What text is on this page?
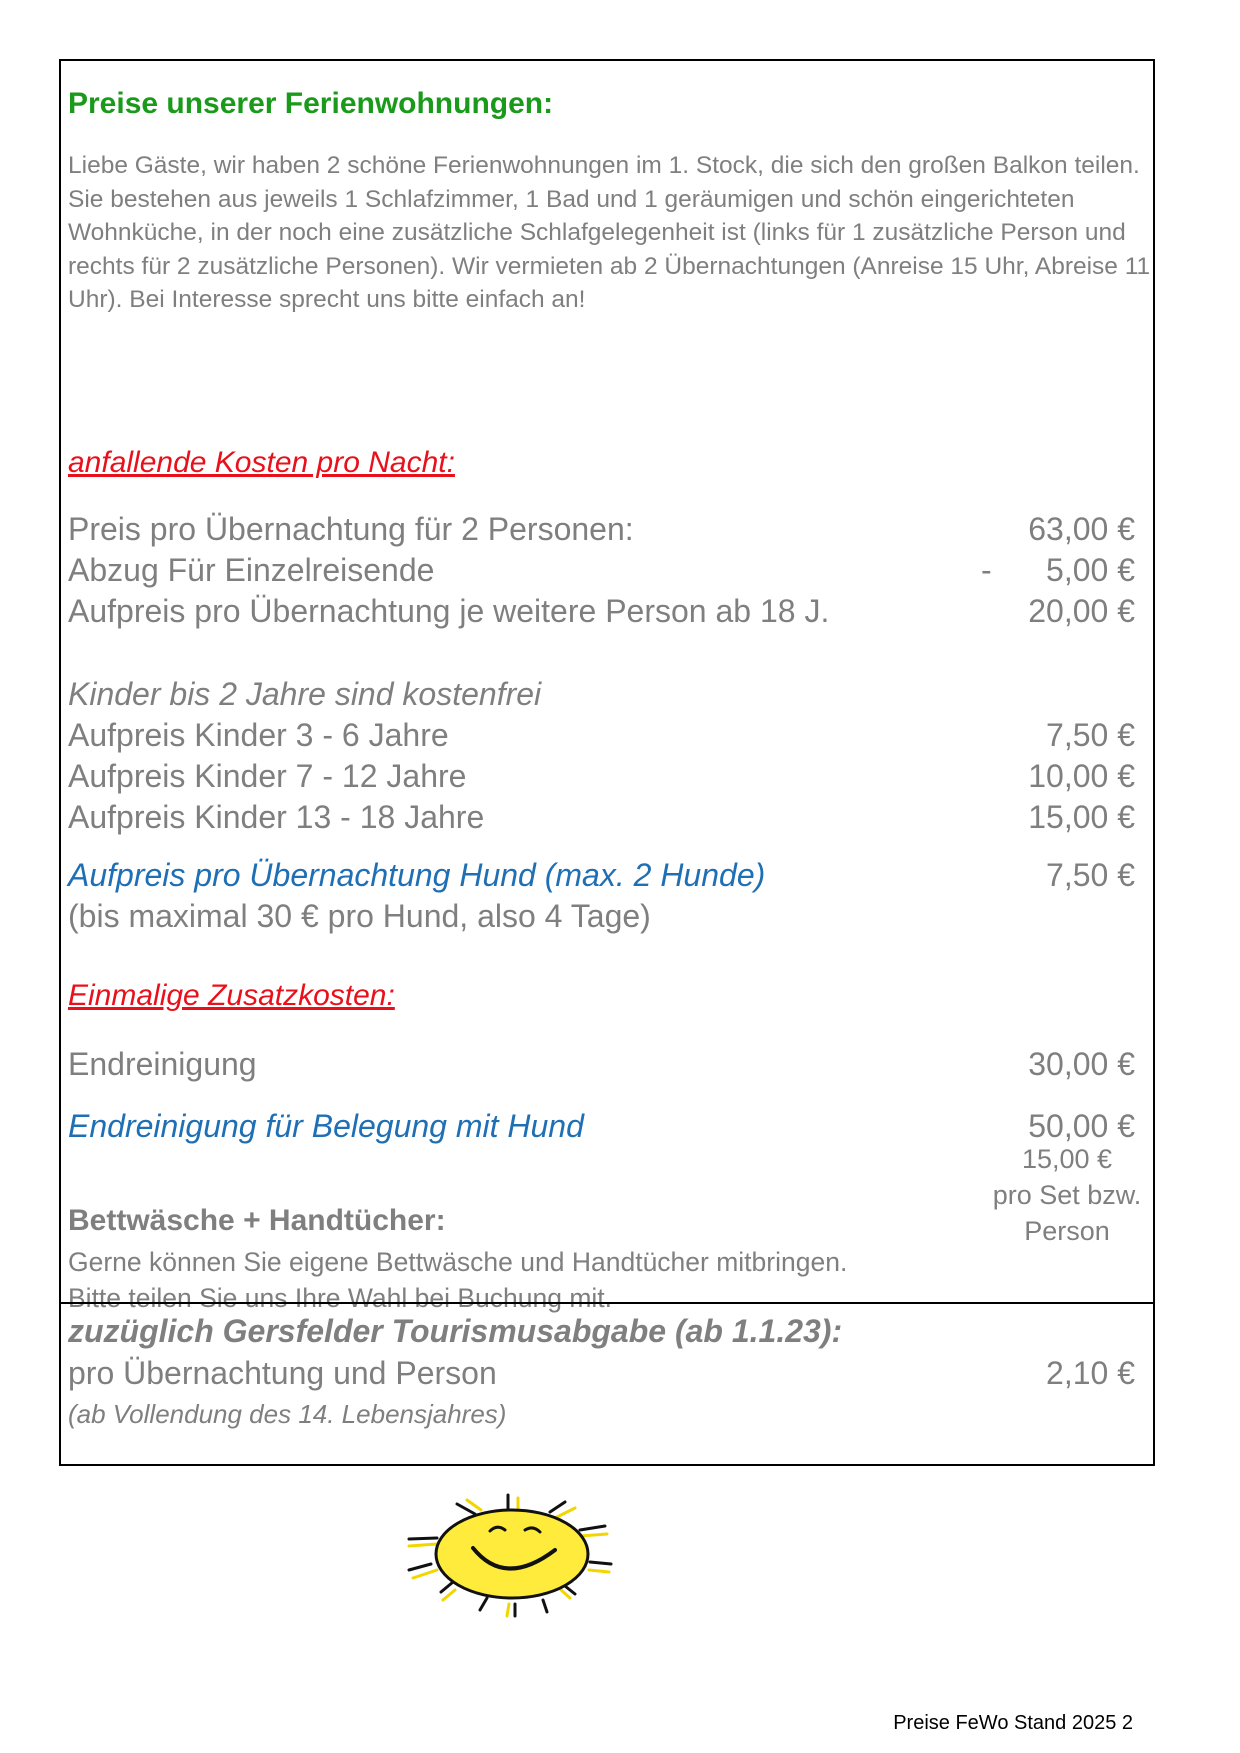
Preise unserer Ferienwohnungen:
Liebe Gäste, wir haben 2 schöne Ferienwohnungen im 1. Stock, die sich den großen Balkon teilen. Sie bestehen aus jeweils 1 Schlafzimmer, 1 Bad und 1 geräumigen und schön eingerichteten Wohnküche, in der noch eine zusätzliche Schlafgelegenheit ist (links für 1 zusätzliche Person und rechts für 2 zusätzliche Personen). Wir vermieten ab 2 Übernachtungen (Anreise 15 Uhr, Abreise 11 Uhr). Bei Interesse sprecht uns bitte einfach an!
anfallende Kosten pro Nacht:
Preis pro Übernachtung für 2 Personen:	63,00 €
Abzug Für Einzelreisende	- 5,00 €
Aufpreis pro Übernachtung je weitere Person ab 18 J.	20,00 €
Kinder bis 2 Jahre sind kostenfrei
Aufpreis Kinder 3 - 6 Jahre	7,50 €
Aufpreis Kinder 7 - 12 Jahre	10,00 €
Aufpreis Kinder 13 - 18 Jahre	15,00 €
Aufpreis pro Übernachtung Hund (max. 2 Hunde)	7,50 €
(bis maximal 30 € pro Hund, also 4 Tage)
Einmalige Zusatzkosten:
Endreinigung	30,00 €
Endreinigung für Belegung mit Hund	50,00 €
Bettwäsche + Handtücher:
Gerne können Sie eigene Bettwäsche und Handtücher mitbringen.
Bitte teilen Sie uns Ihre Wahl bei Buchung mit.
15,00 €
pro Set bzw.
Person
zuzüglich Gersfelder Tourismusabgabe (ab 1.1.23):
pro Übernachtung und Person	2,10 €
(ab Vollendung des 14. Lebensjahres)
Preise FeWo Stand 2025 2
